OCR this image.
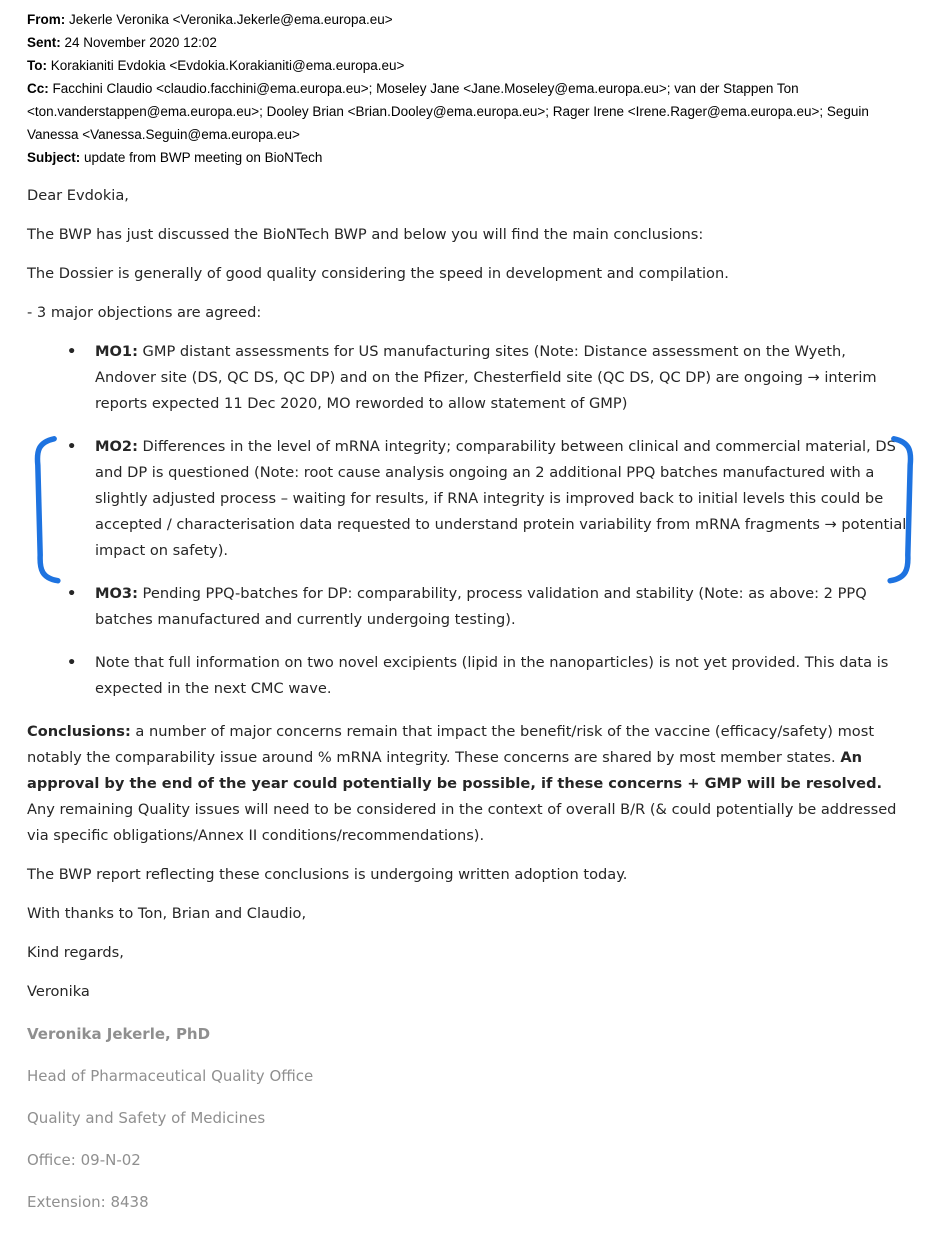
From: Jekerle Veronika <Veronika.Jekerle@ema.europa.eu>

Sent: 24 November 2020 12:02

To: Korakianiti Evdokia <Evdokia.Korakianiti@ema.europa.eu>

Cc: Facchini Claudio <claudio.facchini@ema.europa.eu>; Moseley Jane <Jane.Moseley@ema.europa.eu>; van der Stappen Ton <ton.vanderstappen@ema.europa.eu>; Dooley Brian <Brian.Dooley@ema.europa.eu>; Rager Irene <Irene.Rager@ema.europa.eu>; Seguin Vanessa <Vanessa.Seguin@ema.europa.eu>

Subject: update from BWP meeting on BioNTech

Dear Evdokia,

The BWP has just discussed the BioNTech BWP and below you will find the main conclusions:

The Dossier is generally of good quality considering the speed in development and compilation.

- 3 major objections are agreed:

• MO1: GMP distant assessments for US manufacturing sites (Note: Distance assessment on the Wyeth, Andover site (DS, QC DS, QC DP) and on the Pfizer, Chesterfield site (QC DS, QC DP) are ongoing → interim reports expected 11 Dec 2020, MO reworded to allow statement of GMP)
• MO2: Differences in the level of mRNA integrity; comparability between clinical and commercial material, DS and DP is questioned (Note: root cause analysis ongoing an 2 additional PPQ batches manufactured with a slightly adjusted process – waiting for results, if RNA integrity is improved back to initial levels this could be accepted / characterisation data requested to understand protein variability from mRNA fragments → potential impact on safety).
• MO3: Pending PPQ-batches for DP: comparability, process validation and stability (Note: as above: 2 PPQ batches manufactured and currently undergoing testing).
• Note that full information on two novel excipients (lipid in the nanoparticles) is not yet provided. This data is expected in the next CMC wave.

Conclusions: a number of major concerns remain that impact the benefit/risk of the vaccine (efficacy/safety) most notably the comparability issue around % mRNA integrity. These concerns are shared by most member states. An approval by the end of the year could potentially be possible, if these concerns + GMP will be resolved. Any remaining Quality issues will need to be considered in the context of overall B/R (& could potentially be addressed via specific obligations/Annex II conditions/recommendations).

The BWP report reflecting these conclusions is undergoing written adoption today.

With thanks to Ton, Brian and Claudio,

Kind regards,

Veronika

Veronika Jekerle, PhD

Head of Pharmaceutical Quality Office

Quality and Safety of Medicines

Office: 09-N-02

Extension: 8438
